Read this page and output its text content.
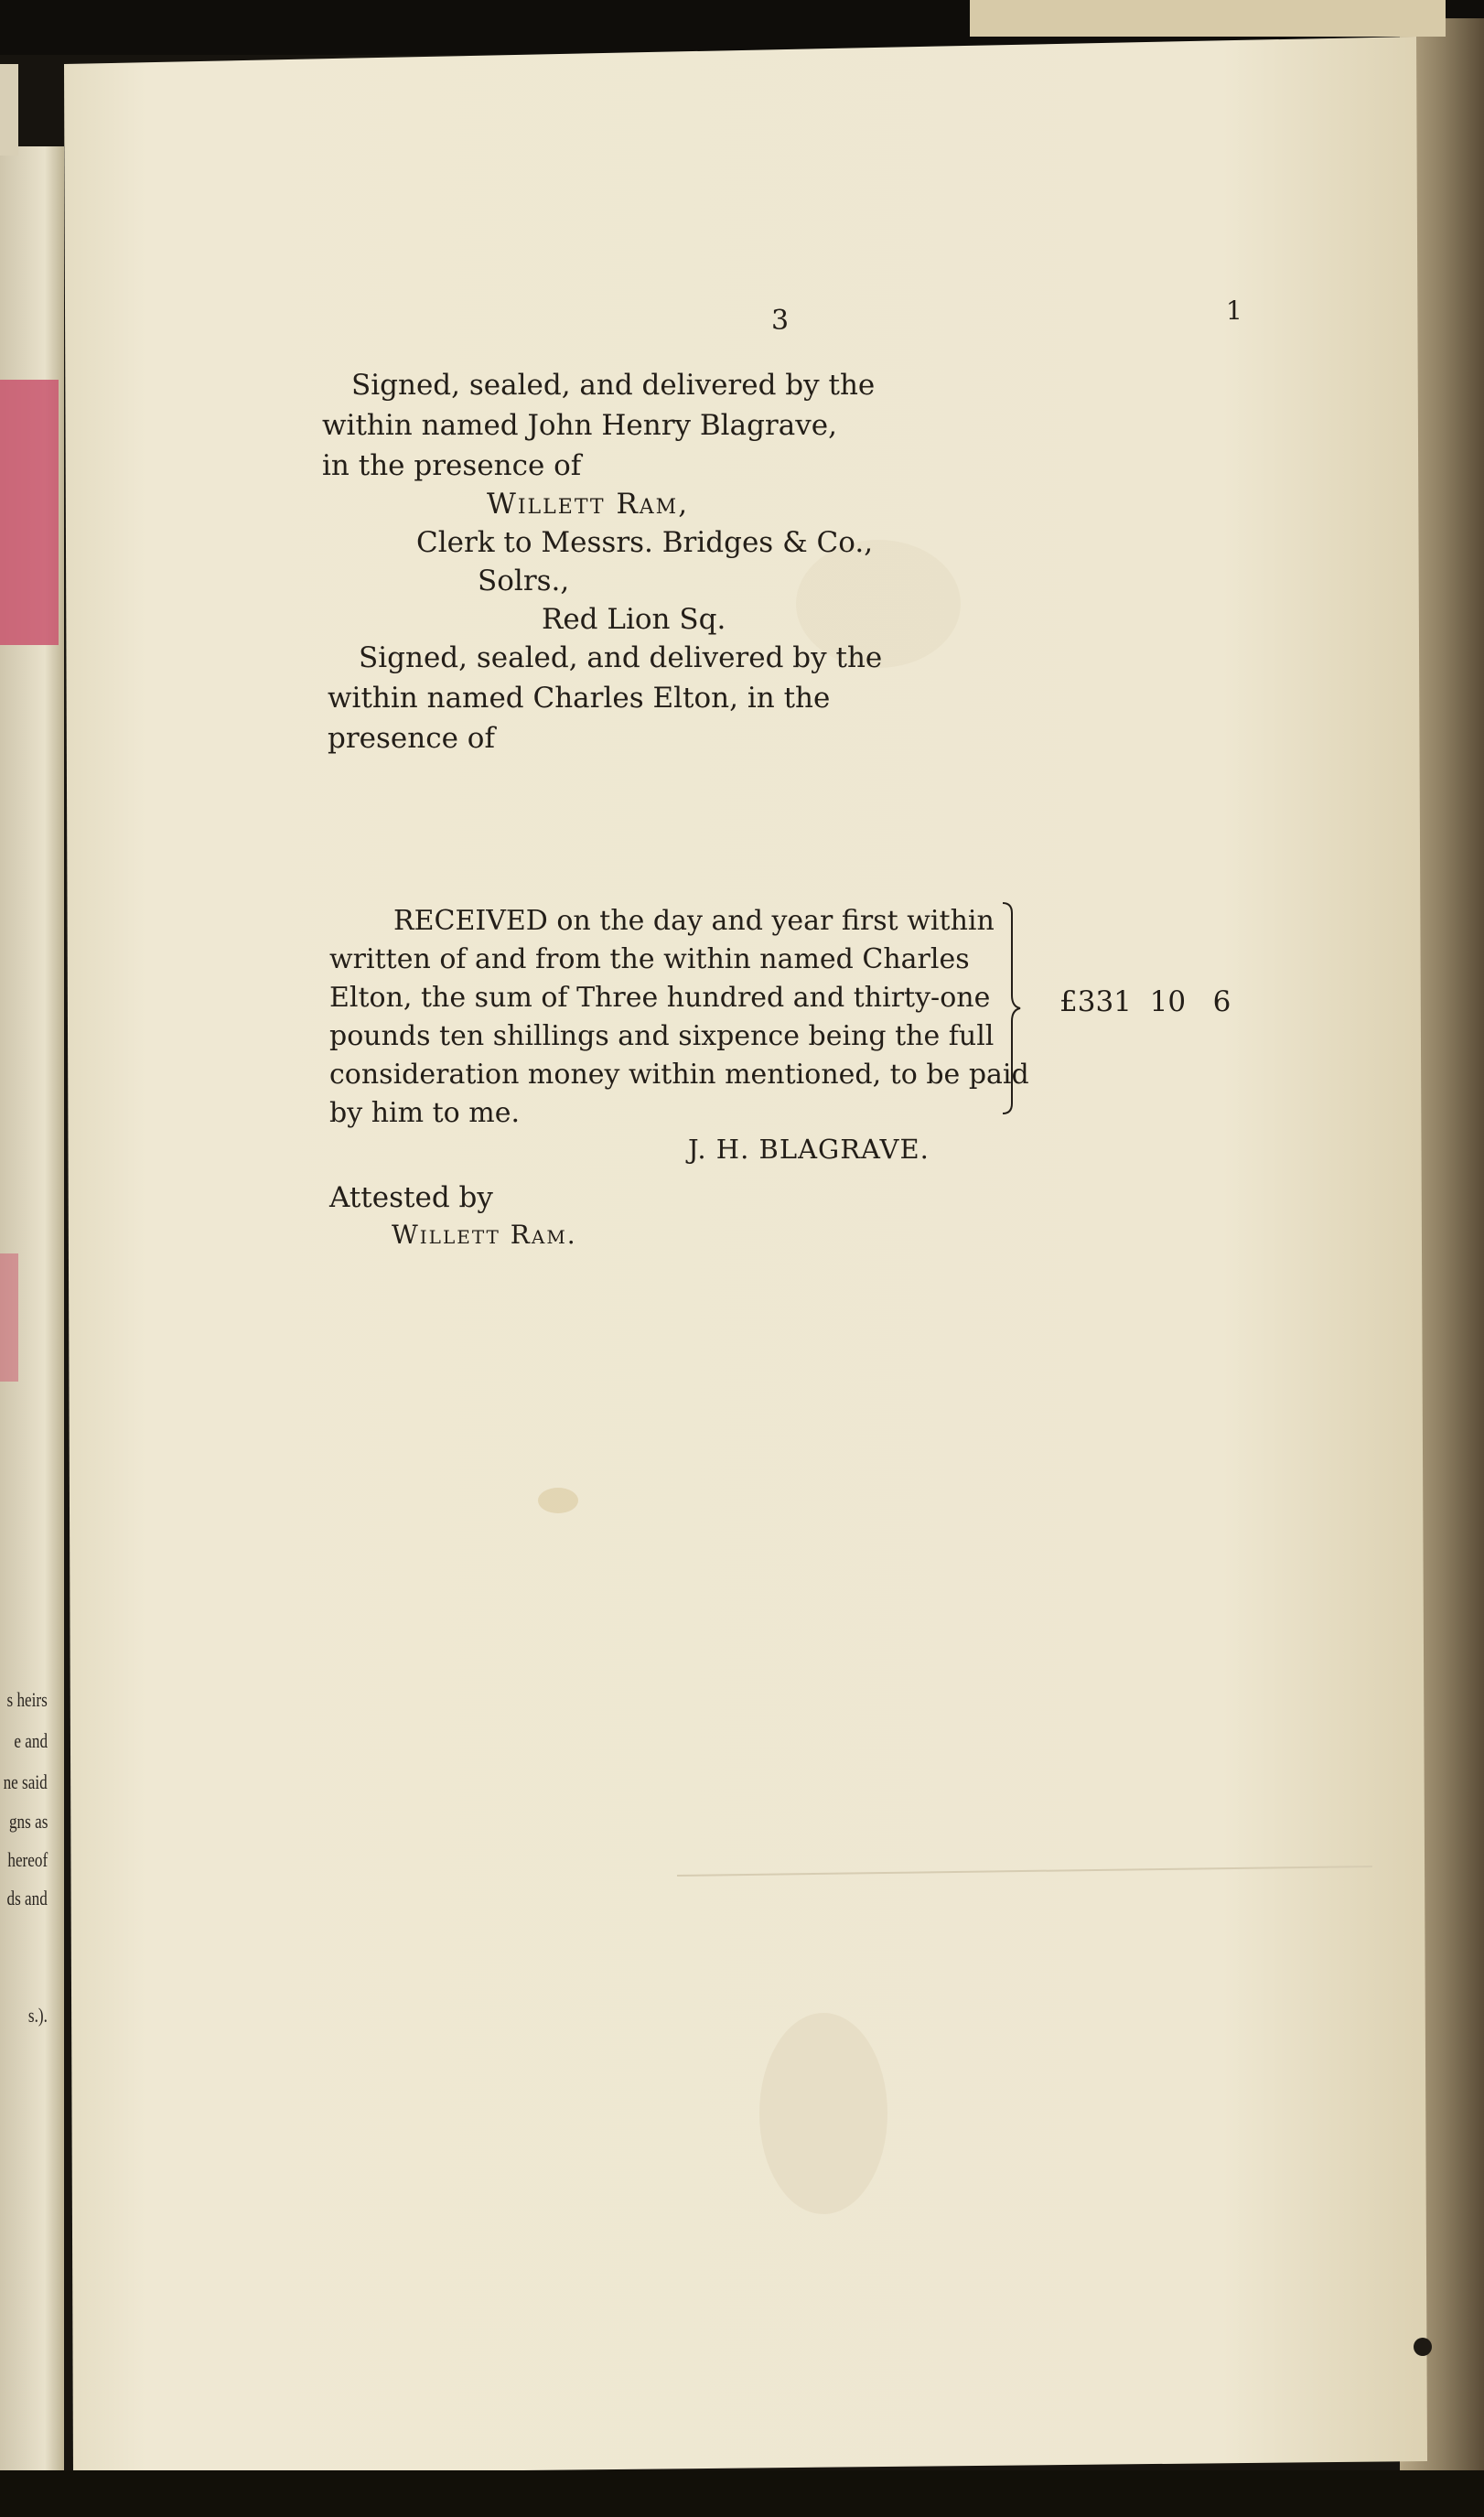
s heirs
e and
ne said
gns as
hereof
ds and
s.).
3	1
Signed, sealed, and delivered by the
within named John Henry Blagrave,
in the presence of
Willett Ram,
Clerk to Messrs. Bridges & Co.,
Solrs.,
Red Lion Sq.
Signed, sealed, and delivered by the
within named Charles Elton, in the
presence of
RECEIVED on the day and year first within
written of and from the within named Charles
Elton, the sum of Three hundred and thirty-one
pounds ten shillings and sixpence being the full
consideration money within mentioned, to be paid
by him to me.
£331  10   6
J. H. BLAGRAVE.
Attested by
Willett Ram.
